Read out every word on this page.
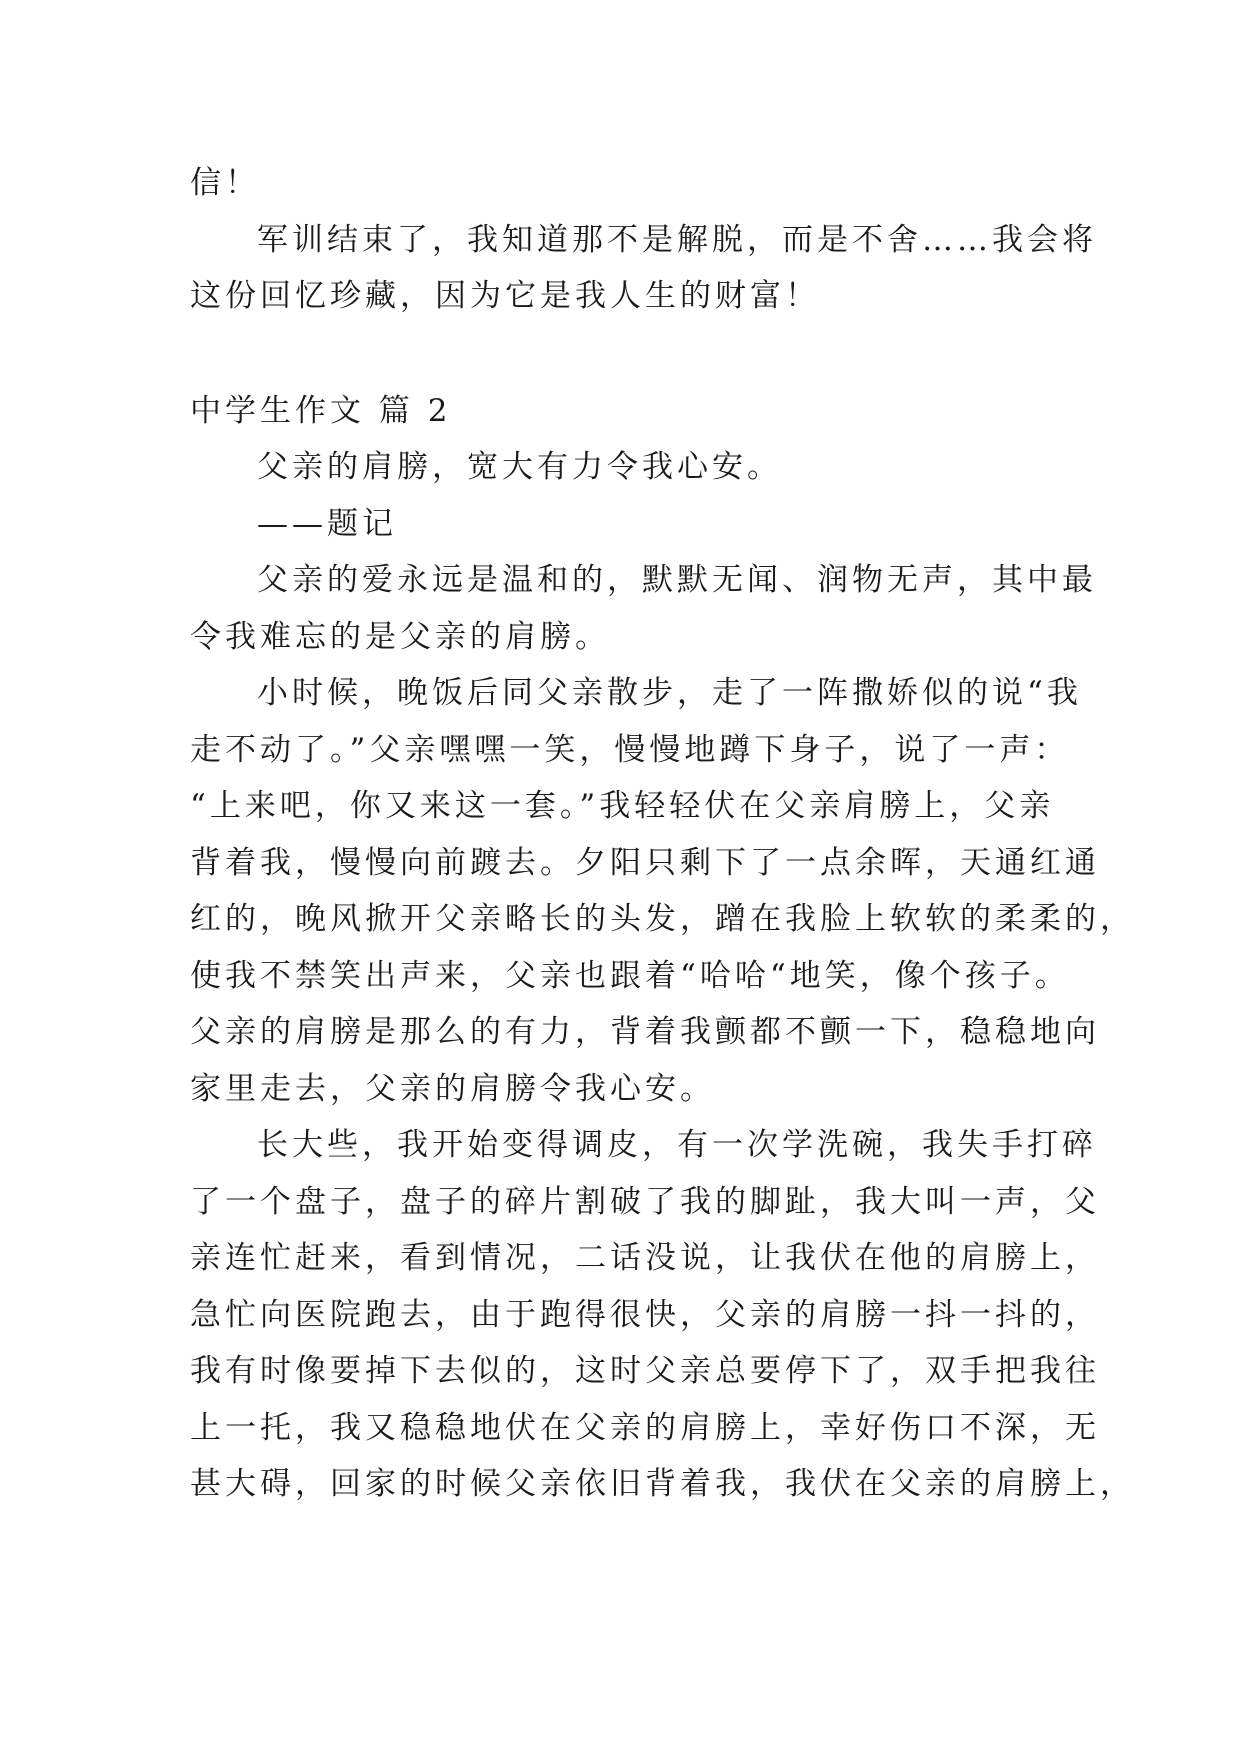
信！
军训结束了，我知道那不是解脱，而是不舍……我会将
这份回忆珍藏，因为它是我人生的财富！
中学生作文 篇 2
父亲的肩膀，宽大有力令我心安。
——题记
父亲的爱永远是温和的，默默无闻、润物无声，其中最
令我难忘的是父亲的肩膀。
小时候，晚饭后同父亲散步，走了一阵撒娇似的说“我
走不动了。”父亲嘿嘿一笑，慢慢地蹲下身子，说了一声：
“上来吧，你又来这一套。”我轻轻伏在父亲肩膀上，父亲
背着我，慢慢向前踱去。夕阳只剩下了一点余晖，天通红通
红的，晚风掀开父亲略长的头发，蹭在我脸上软软的柔柔的，
使我不禁笑出声来，父亲也跟着“哈哈“地笑，像个孩子。
父亲的肩膀是那么的有力，背着我颤都不颤一下，稳稳地向
家里走去，父亲的肩膀令我心安。
长大些，我开始变得调皮，有一次学洗碗，我失手打碎
了一个盘子，盘子的碎片割破了我的脚趾，我大叫一声，父
亲连忙赶来，看到情况，二话没说，让我伏在他的肩膀上，
急忙向医院跑去，由于跑得很快，父亲的肩膀一抖一抖的，
我有时像要掉下去似的，这时父亲总要停下了，双手把我往
上一托，我又稳稳地伏在父亲的肩膀上，幸好伤口不深，无
甚大碍，回家的时候父亲依旧背着我，我伏在父亲的肩膀上，
